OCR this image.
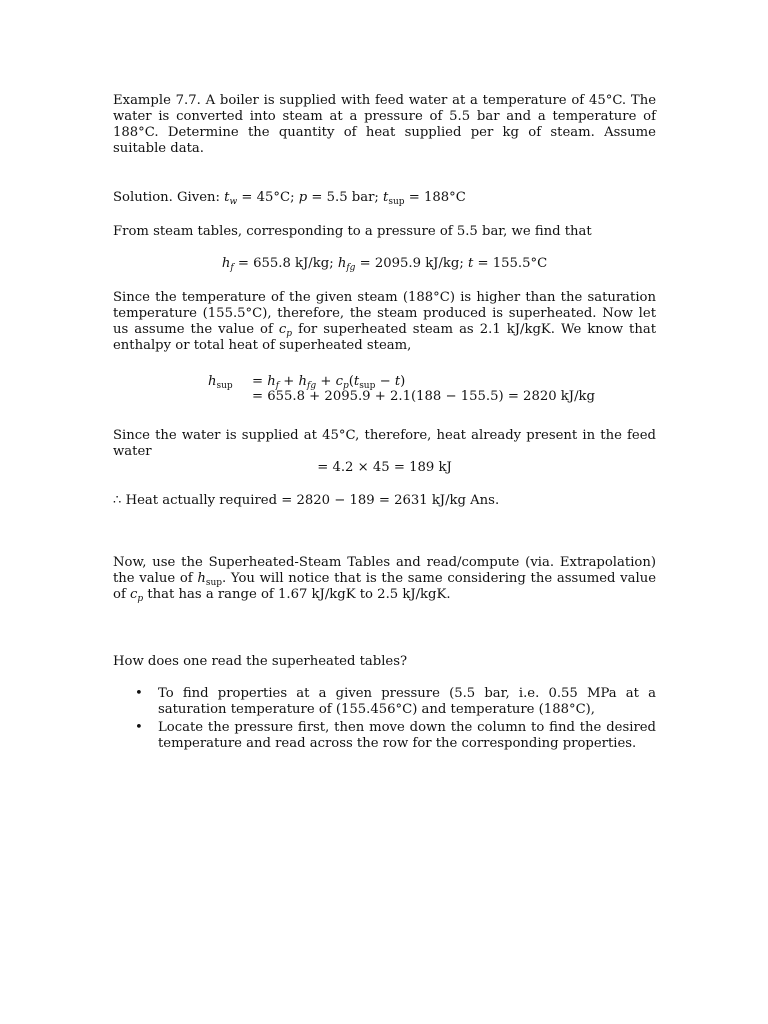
Example 7.7. A boiler is supplied with feed water at a temperature of 45°C. The water is converted into steam at a pressure of 5.5 bar and a temperature of 188°C. Determine the quantity of heat supplied per kg of steam. Assume suitable data.

Solution. Given: $t_w = 45^\circ C$; p = 5.5 bar; $t_{sup} = 188^\circ C$

From steam tables, corresponding to a pressure of 5.5 bar, we find that

$h_f = 655.8$ kJ/kg; $h_{fg} = 2095.9$ kJ/kg; t = 155.5°C

Since the temperature of the given steam (188°C) is higher than the saturation temperature (155.5°C), therefore, the steam produced is superheated. Now let us assume the value of $c_p$ for superheated steam as 2.1 kJ/kgK. We know that enthalpy or total heat of superheated steam,

$h_{sup} = h_f + h_{fg} + c_p(t_{sup} - t)$
= 655.8 + 2095.9 + 2.1(188 − 155.5) = 2820 kJ/kg

Since the water is supplied at 45°C, therefore, heat already present in the feed water

= 4.2 × 45 = 189 kJ

∴ Heat actually required = 2820 − 189 = 2631 kJ/kg Ans.

Now, use the Superheated-Steam Tables and read/compute (via. Extrapolation) the value of $h_{sup}$. You will notice that is the same considering the assumed value of $c_p$ that has a range of 1.67 kJ/kgK to 2.5 kJ/kgK.

How does one read the superheated tables?

• To find properties at a given pressure (5.5 bar, i.e. 0.55 MPa at a saturation temperature of (155.456°C) and temperature (188°C),
• Locate the pressure first, then move down the column to find the desired temperature and read across the row for the corresponding properties.
